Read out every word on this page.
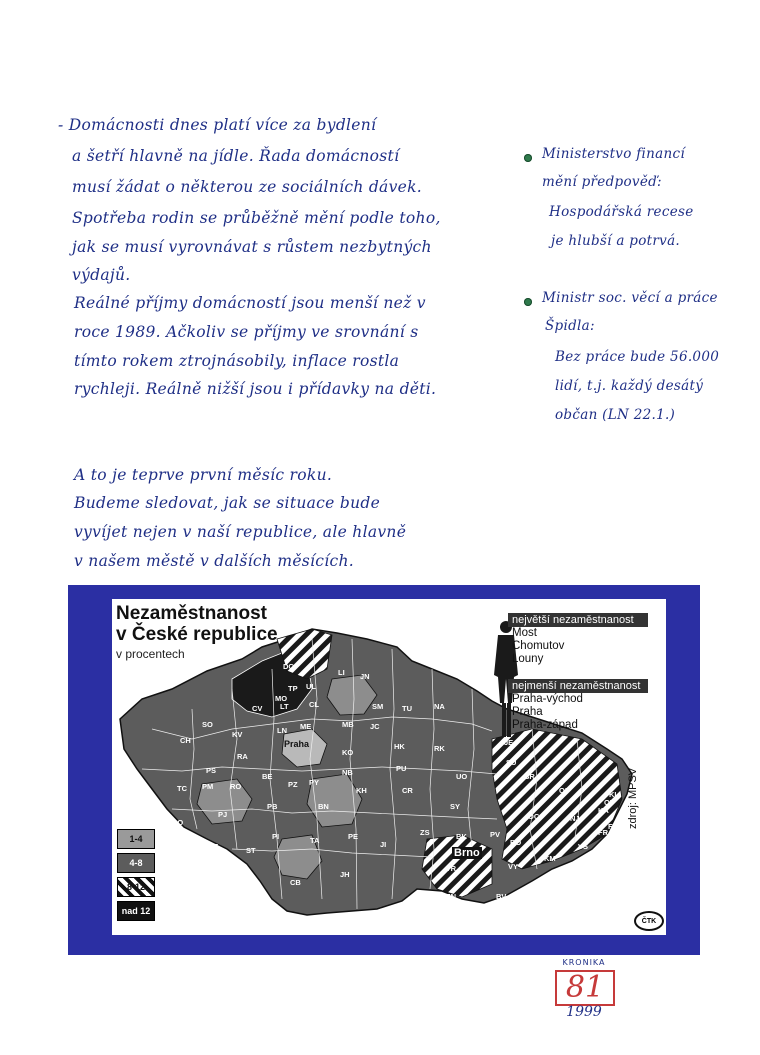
- Domácnosti dnes platí více za bydlení
a šetří hlavně na jídle. Řada domácností
musí žádat o některou ze sociálních dávek.
Spotřeba rodin se průběžně mění podle toho,
jak se musí vyrovnávat s růstem nezbytných
výdajů.
Reálné příjmy domácností jsou menší než v
roce 1989. Ačkoliv se příjmy ve srovnání s
tímto rokem ztrojnásobily, inflace rostla
rychleji. Reálně nižší jsou i přídavky na děti.
Ministerstvo financí
mění předpověď:
Hospodářská recese
je hlubší a potrvá.
Ministr soc. věcí a práce
Špidla:
Bez práce bude 56.000
lidí, t.j. každý desátý
občan (LN 22.1.)
A to je teprve první měsíc roku.
Budeme sledovat, jak se situace bude
vyvíjet nejen v naší republice, ale hlavně
v našem městě v dalších měsících.
DC
LI JN
TP UL
CV
MO
CL	SM	TU	NA
LT
ME	MB JC
SO
KV	LN
HK	RK
CH
RA	KO
PU
JE
PS
BE	NB	UO
SU
TC PM RO	PZ PY
KH	CR
BR
OP	KI
PJ
PB	BN	SY
NJ
KA
DO
ZS
OC
FM
PI	TA	PE
JI
BK	PV
VS
KT	ST
BO
KM
PT	CB
JH
TR	VY
ZL
ZN	BV
HO
UH
CK
OV
FR
Nezaměstnanost
v České republice
v procentech
největší nezaměstnanost
Most
Chomutov
Louny
nejmenší nezaměstnanost
Praha-východ
Praha
Praha-západ
Praha
Brno
1-4
4-8
8-12
nad 12
zdroj: MPSV
ČTK
KRONIKA
81
1999
